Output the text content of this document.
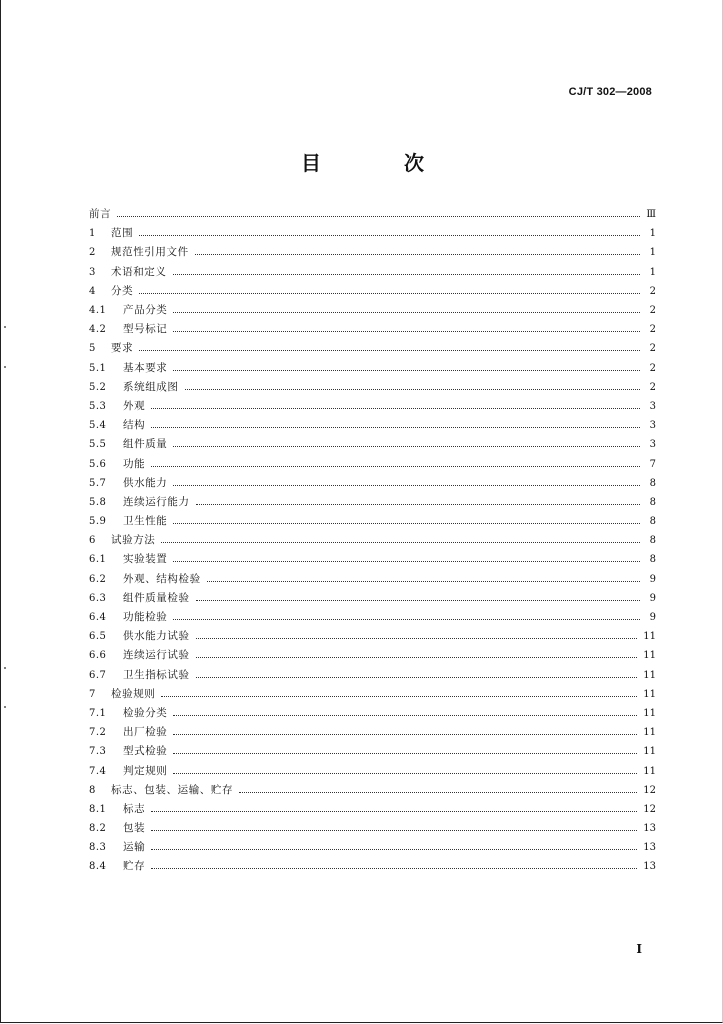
CJ/T 302—2008
目 次
前言	Ⅲ
1	范围	1
2	规范性引用文件	1
3	术语和定义	1
4	分类	2
4.1	产品分类	2
4.2	型号标记	2
5	要求	2
5.1	基本要求	2
5.2	系统组成图	2
5.3	外观	3
5.4	结构	3
5.5	组件质量	3
5.6	功能	7
5.7	供水能力	8
5.8	连续运行能力	8
5.9	卫生性能	8
6	试验方法	8
6.1	实验装置	8
6.2	外观、结构检验	9
6.3	组件质量检验	9
6.4	功能检验	9
6.5	供水能力试验	11
6.6	连续运行试验	11
6.7	卫生指标试验	11
7	检验规则	11
7.1	检验分类	11
7.2	出厂检验	11
7.3	型式检验	11
7.4	判定规则	11
8	标志、包装、运输、贮存	12
8.1	标志	12
8.2	包装	13
8.3	运输	13
8.4	贮存	13
I
